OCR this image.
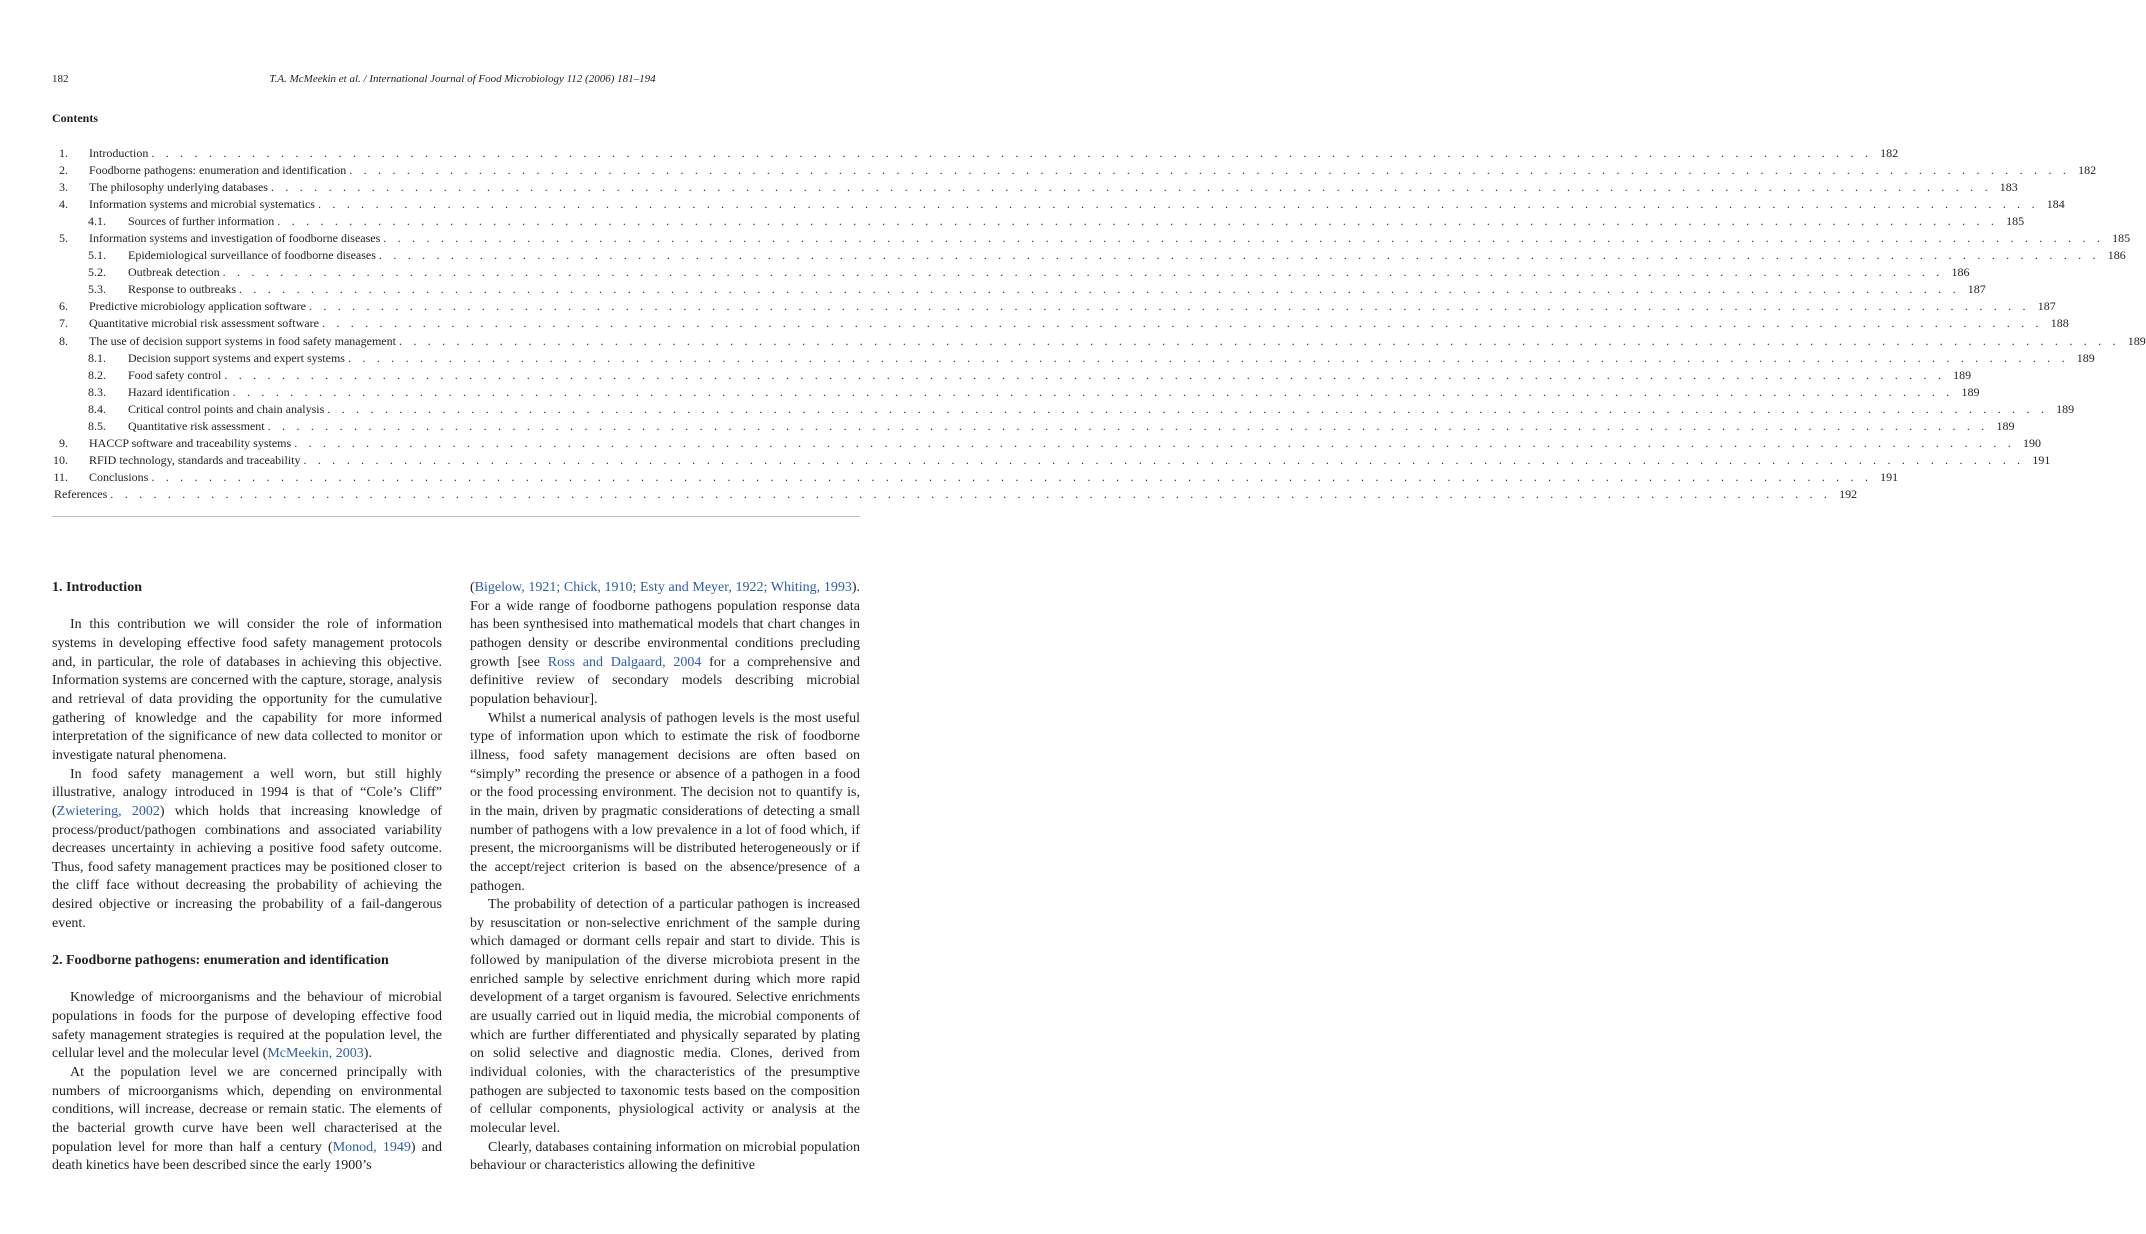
182	T.A. McMeekin et al. / International Journal of Food Microbiology 112 (2006) 181–194
Contents
1.	Introduction . . . . . . . . . . . . . . . . . . . . . . . . . . . . . . . . . . . . . . . . . . . . . . . . . . . . . . . . . . . . . . . . . . . . . . . . . . . . . . . . . . . . . . . . . . . . . . . . . . . . . . . . . . . . . . . . . . . . . . . . 182
2.	Foodborne pathogens: enumeration and identification . . . . . . . . . . . . . . . . . . . . . . . . . . . . . . . . . . . . . . . . . . . . . . . . . . . . . . . . . . . . . . . . . . . . . . . . . . . . . . . . . . . . . . . . . . . . . . . . . . . . . . . . . . . . . . . . . . . . . . . . 182
3.	The philosophy underlying databases . . . . . . . . . . . . . . . . . . . . . . . . . . . . . . . . . . . . . . . . . . . . . . . . . . . . . . . . . . . . . . . . . . . . . . . . . . . . . . . . . . . . . . . . . . . . . . . . . . . . . . . . . . . . . . . . . . . . . . . . 183
4.	Information systems and microbial systematics . . . . . . . . . . . . . . . . . . . . . . . . . . . . . . . . . . . . . . . . . . . . . . . . . . . . . . . . . . . . . . . . . . . . . . . . . . . . . . . . . . . . . . . . . . . . . . . . . . . . . . . . . . . . . . . . . . . . . . . . 184
4.1.	Sources of further information . . . . . . . . . . . . . . . . . . . . . . . . . . . . . . . . . . . . . . . . . . . . . . . . . . . . . . . . . . . . . . . . . . . . . . . . . . . . . . . . . . . . . . . . . . . . . . . . . . . . . . . . . . . . . . . . . . . . . . . . 185
5.	Information systems and investigation of foodborne diseases . . . . . . . . . . . . . . . . . . . . . . . . . . . . . . . . . . . . . . . . . . . . . . . . . . . . . . . . . . . . . . . . . . . . . . . . . . . . . . . . . . . . . . . . . . . . . . . . . . . . . . . . . . . . . . . . . . . . . . . . 185
5.1.	Epidemiological surveillance of foodborne diseases . . . . . . . . . . . . . . . . . . . . . . . . . . . . . . . . . . . . . . . . . . . . . . . . . . . . . . . . . . . . . . . . . . . . . . . . . . . . . . . . . . . . . . . . . . . . . . . . . . . . . . . . . . . . . . . . . . . . . . . . 186
5.2.	Outbreak detection . . . . . . . . . . . . . . . . . . . . . . . . . . . . . . . . . . . . . . . . . . . . . . . . . . . . . . . . . . . . . . . . . . . . . . . . . . . . . . . . . . . . . . . . . . . . . . . . . . . . . . . . . . . . . . . . . . . . . . . . 186
5.3.	Response to outbreaks . . . . . . . . . . . . . . . . . . . . . . . . . . . . . . . . . . . . . . . . . . . . . . . . . . . . . . . . . . . . . . . . . . . . . . . . . . . . . . . . . . . . . . . . . . . . . . . . . . . . . . . . . . . . . . . . . . . . . . . . 187
6.	Predictive microbiology application software . . . . . . . . . . . . . . . . . . . . . . . . . . . . . . . . . . . . . . . . . . . . . . . . . . . . . . . . . . . . . . . . . . . . . . . . . . . . . . . . . . . . . . . . . . . . . . . . . . . . . . . . . . . . . . . . . . . . . . . . 187
7.	Quantitative microbial risk assessment software . . . . . . . . . . . . . . . . . . . . . . . . . . . . . . . . . . . . . . . . . . . . . . . . . . . . . . . . . . . . . . . . . . . . . . . . . . . . . . . . . . . . . . . . . . . . . . . . . . . . . . . . . . . . . . . . . . . . . . . . 188
8.	The use of decision support systems in food safety management . . . . . . . . . . . . . . . . . . . . . . . . . . . . . . . . . . . . . . . . . . . . . . . . . . . . . . . . . . . . . . . . . . . . . . . . . . . . . . . . . . . . . . . . . . . . . . . . . . . . . . . . . . . . . . . . . . . . . . . . 189
8.1.	Decision support systems and expert systems . . . . . . . . . . . . . . . . . . . . . . . . . . . . . . . . . . . . . . . . . . . . . . . . . . . . . . . . . . . . . . . . . . . . . . . . . . . . . . . . . . . . . . . . . . . . . . . . . . . . . . . . . . . . . . . . . . . . . . . . 189
8.2.	Food safety control . . . . . . . . . . . . . . . . . . . . . . . . . . . . . . . . . . . . . . . . . . . . . . . . . . . . . . . . . . . . . . . . . . . . . . . . . . . . . . . . . . . . . . . . . . . . . . . . . . . . . . . . . . . . . . . . . . . . . . . . 189
8.3.	Hazard identification . . . . . . . . . . . . . . . . . . . . . . . . . . . . . . . . . . . . . . . . . . . . . . . . . . . . . . . . . . . . . . . . . . . . . . . . . . . . . . . . . . . . . . . . . . . . . . . . . . . . . . . . . . . . . . . . . . . . . . . . 189
8.4.	Critical control points and chain analysis . . . . . . . . . . . . . . . . . . . . . . . . . . . . . . . . . . . . . . . . . . . . . . . . . . . . . . . . . . . . . . . . . . . . . . . . . . . . . . . . . . . . . . . . . . . . . . . . . . . . . . . . . . . . . . . . . . . . . . . . 189
8.5.	Quantitative risk assessment . . . . . . . . . . . . . . . . . . . . . . . . . . . . . . . . . . . . . . . . . . . . . . . . . . . . . . . . . . . . . . . . . . . . . . . . . . . . . . . . . . . . . . . . . . . . . . . . . . . . . . . . . . . . . . . . . . . . . . . . 189
9.	HACCP software and traceability systems . . . . . . . . . . . . . . . . . . . . . . . . . . . . . . . . . . . . . . . . . . . . . . . . . . . . . . . . . . . . . . . . . . . . . . . . . . . . . . . . . . . . . . . . . . . . . . . . . . . . . . . . . . . . . . . . . . . . . . . . 190
10.	RFID technology, standards and traceability . . . . . . . . . . . . . . . . . . . . . . . . . . . . . . . . . . . . . . . . . . . . . . . . . . . . . . . . . . . . . . . . . . . . . . . . . . . . . . . . . . . . . . . . . . . . . . . . . . . . . . . . . . . . . . . . . . . . . . . . 191
11.	Conclusions . . . . . . . . . . . . . . . . . . . . . . . . . . . . . . . . . . . . . . . . . . . . . . . . . . . . . . . . . . . . . . . . . . . . . . . . . . . . . . . . . . . . . . . . . . . . . . . . . . . . . . . . . . . . . . . . . . . . . . . . 191
References . . . . . . . . . . . . . . . . . . . . . . . . . . . . . . . . . . . . . . . . . . . . . . . . . . . . . . . . . . . . . . . . . . . . . . . . . . . . . . . . . . . . . . . . . . . . . . . . . . . . . . . . . . . . . . . . . . . . . . . . 192
1. Introduction

In this contribution we will consider the role of information systems in developing effective food safety management protocols and, in particular, the role of databases in achieving this objective. Information systems are concerned with the capture, storage, analysis and retrieval of data providing the opportunity for the cumulative gathering of knowledge and the capability for more informed interpretation of the significance of new data collected to monitor or investigate natural phenomena.

In food safety management a well worn, but still highly illustrative, analogy introduced in 1994 is that of “Cole’s Cliff” (Zwietering, 2002) which holds that increasing knowledge of process/product/pathogen combinations and associated variability decreases uncertainty in achieving a positive food safety outcome. Thus, food safety management practices may be positioned closer to the cliff face without decreasing the probability of achieving the desired objective or increasing the probability of a fail-dangerous event.

2. Foodborne pathogens: enumeration and identification

Knowledge of microorganisms and the behaviour of microbial populations in foods for the purpose of developing effective food safety management strategies is required at the population level, the cellular level and the molecular level (McMeekin, 2003).

At the population level we are concerned principally with numbers of microorganisms which, depending on environmental conditions, will increase, decrease or remain static. The elements of the bacterial growth curve have been well characterised at the population level for more than half a century (Monod, 1949) and death kinetics have been described since the early 1900’s

(Bigelow, 1921; Chick, 1910; Esty and Meyer, 1922; Whiting, 1993). For a wide range of foodborne pathogens population response data has been synthesised into mathematical models that chart changes in pathogen density or describe environmental conditions precluding growth [see Ross and Dalgaard, 2004 for a comprehensive and definitive review of secondary models describing microbial population behaviour].

Whilst a numerical analysis of pathogen levels is the most useful type of information upon which to estimate the risk of foodborne illness, food safety management decisions are often based on “simply” recording the presence or absence of a pathogen in a food or the food processing environment. The decision not to quantify is, in the main, driven by pragmatic considerations of detecting a small number of pathogens with a low prevalence in a lot of food which, if present, the microorganisms will be distributed heterogeneously or if the accept/reject criterion is based on the absence/presence of a pathogen.

The probability of detection of a particular pathogen is increased by resuscitation or non-selective enrichment of the sample during which damaged or dormant cells repair and start to divide. This is followed by manipulation of the diverse microbiota present in the enriched sample by selective enrichment during which more rapid development of a target organism is favoured. Selective enrichments are usually carried out in liquid media, the microbial components of which are further differentiated and physically separated by plating on solid selective and diagnostic media. Clones, derived from individual colonies, with the characteristics of the presumptive pathogen are subjected to taxonomic tests based on the composition of cellular components, physiological activity or analysis at the molecular level.

Clearly, databases containing information on microbial population behaviour or characteristics allowing the definitive
